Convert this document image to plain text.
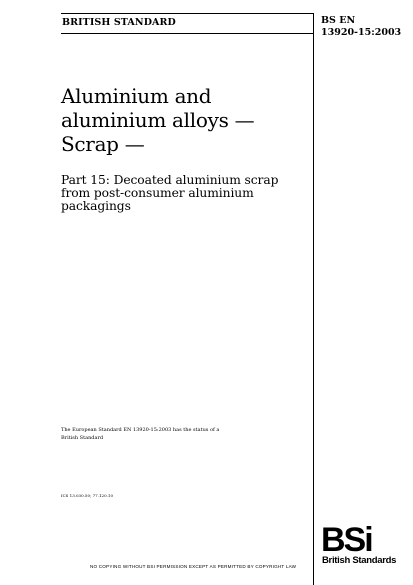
BRITISH STANDARD	BS EN
13920-15:2003
Aluminium and
aluminium alloys —
Scrap —
Part 15: Decoated aluminium scrap
from post-consumer aluminium
packagings
The European Standard EN 13920-15:2003 has the status of a
British Standard
ICS 13.030.50; 77.120.10
NO COPYING WITHOUT BSI PERMISSION EXCEPT AS PERMITTED BY COPYRIGHT LAW
BSi
British Standards
